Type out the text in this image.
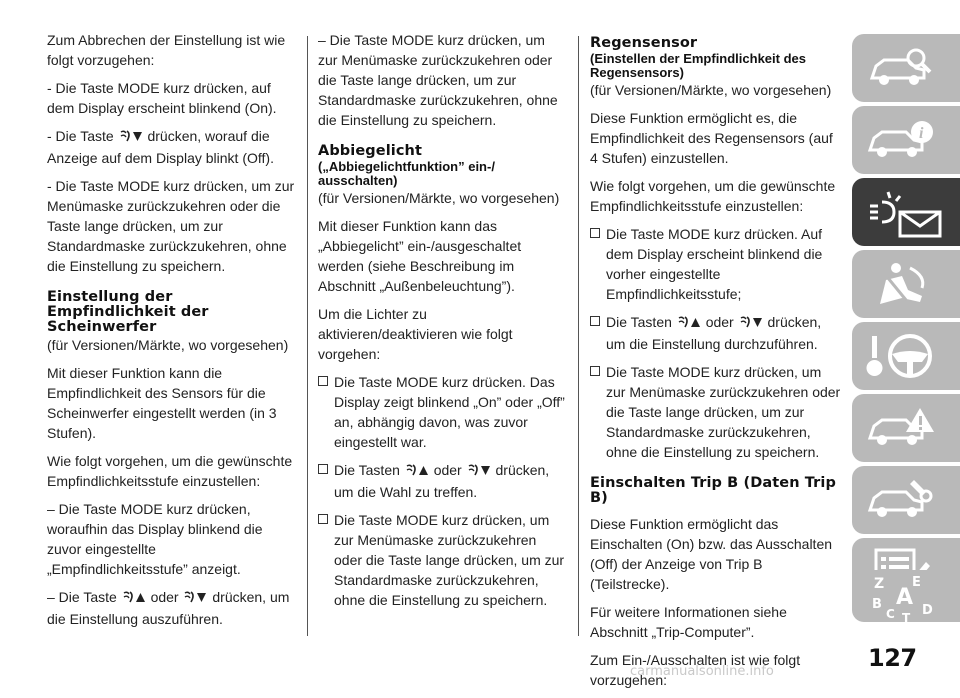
Zum Abbrechen der Einstellung ist wie folgt vorzugehen:

- Die Taste MODE kurz drücken, auf dem Display erscheint blinkend (On).

- Die Taste drücken, worauf die Anzeige auf dem Display blinkt (Off).

- Die Taste MODE kurz drücken, um zur Menümaske zurückzukehren oder die Taste lange drücken, um zur Standardmaske zurückzukehren, ohne die Einstellung zu speichern.

Einstellung der Empfindlichkeit der Scheinwerfer

(für Versionen/Märkte, wo vorgesehen)

Mit dieser Funktion kann die Empfindlichkeit des Sensors für die Scheinwerfer eingestellt werden (in 3 Stufen).

Wie folgt vorgehen, um die gewünschte Empfindlichkeitsstufe einzustellen:

– Die Taste MODE kurz drücken, woraufhin das Display blinkend die zuvor eingestellte „Empfindlichkeitsstufe” anzeigt.

– Die Taste oder drücken, um die Einstellung auszuführen.

– Die Taste MODE kurz drücken, um zur Menümaske zurückzukehren oder die Taste lange drücken, um zur Standardmaske zurückzukehren, ohne die Einstellung zu speichern.

Abbiegelicht
(„Abbiegelichtfunktion” ein-/ ausschalten)

(für Versionen/Märkte, wo vorgesehen)

Mit dieser Funktion kann das „Abbiegelicht” ein-/ausgeschaltet werden (siehe Beschreibung im Abschnitt „Außenbeleuchtung”).

Um die Lichter zu aktivieren/deaktivieren wie folgt vorgehen:

Die Taste MODE kurz drücken. Das Display zeigt blinkend „On” oder „Off” an, abhängig davon, was zuvor eingestellt war.
Die Tasten oder drücken, um die Wahl zu treffen.
Die Taste MODE kurz drücken, um zur Menümaske zurückzukehren oder die Taste lange drücken, um zur Standardmaske zurückzukehren, ohne die Einstellung zu speichern.
Regensensor
(Einstellen der Empfindlichkeit des Regensensors)

(für Versionen/Märkte, wo vorgesehen)

Diese Funktion ermöglicht es, die Empfindlichkeit des Regensensors (auf 4 Stufen) einzustellen.

Wie folgt vorgehen, um die gewünschte Empfindlichkeitsstufe einzustellen:

Die Taste MODE kurz drücken. Auf dem Display erscheint blinkend die vorher eingestellte Empfindlichkeitsstufe;
Die Tasten oder drücken, um die Einstellung durchzuführen.
Die Taste MODE kurz drücken, um zur Menümaske zurückzukehren oder die Taste lange drücken, um zur Standardmaske zurückzukehren, ohne die Einstellung zu speichern.
Einschalten Trip B (Daten Trip B)

Diese Funktion ermöglicht das Einschalten (On) bzw. das Ausschalten (Off) der Anzeige von Trip B (Teilstrecke).

Für weitere Informationen siehe Abschnitt „Trip-Computer”.

Zum Ein-/Ausschalten ist wie folgt vorzugehen:

i
Z E
B A
C T D
127
carmanualsonline.info
